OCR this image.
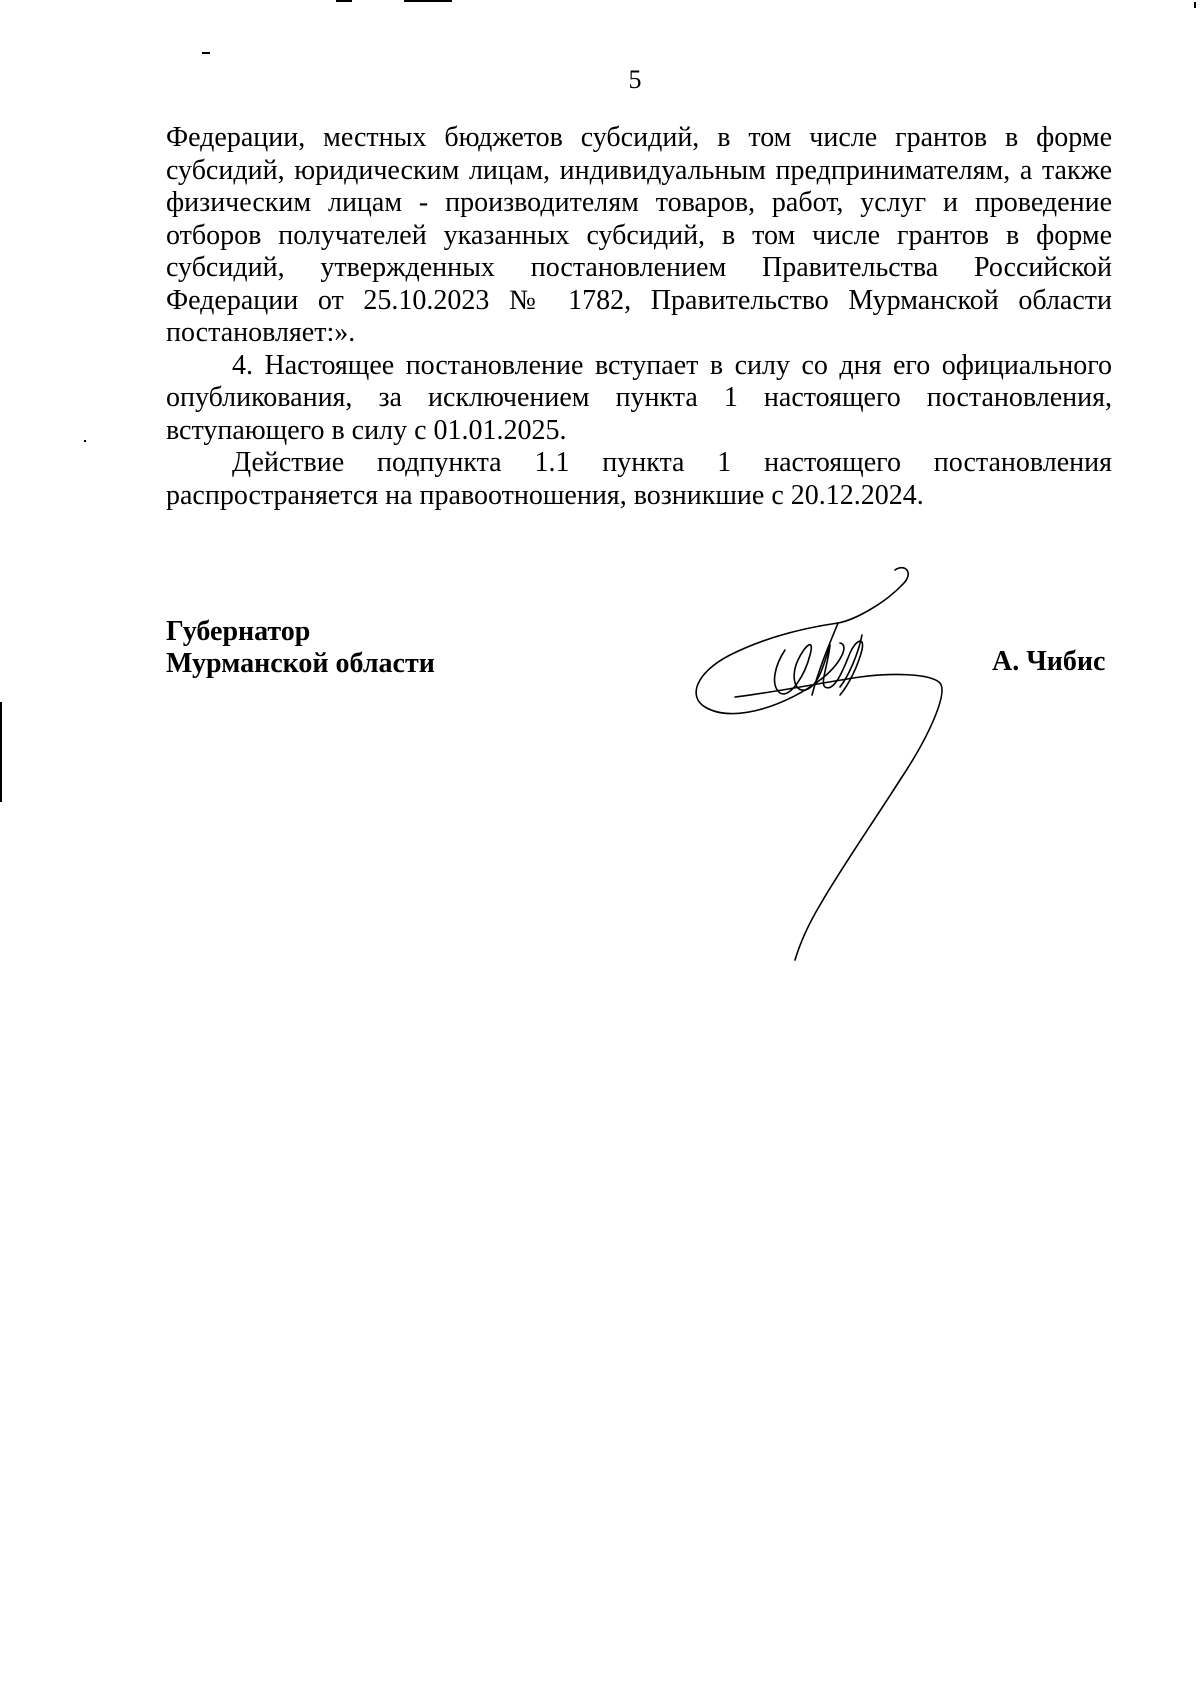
5

Федерации, местных бюджетов субсидий, в том числе грантов в форме субсидий, юридическим лицам, индивидуальным предпринимателям, а также физическим лицам - производителям товаров, работ, услуг и проведение отборов получателей указанных субсидий, в том числе грантов в форме субсидий, утвержденных постановлением Правительства Российской Федерации от 25.10.2023 № 1782, Правительство Мурманской области постановляет:».

4. Настоящее постановление вступает в силу со дня его официального опубликования, за исключением пункта 1 настоящего постановления, вступающего в силу с 01.01.2025.

Действие подпункта 1.1 пункта 1 настоящего постановления распространяется на правоотношения, возникшие с 20.12.2024.

Губернатор
Мурманской области	А. Чибис
